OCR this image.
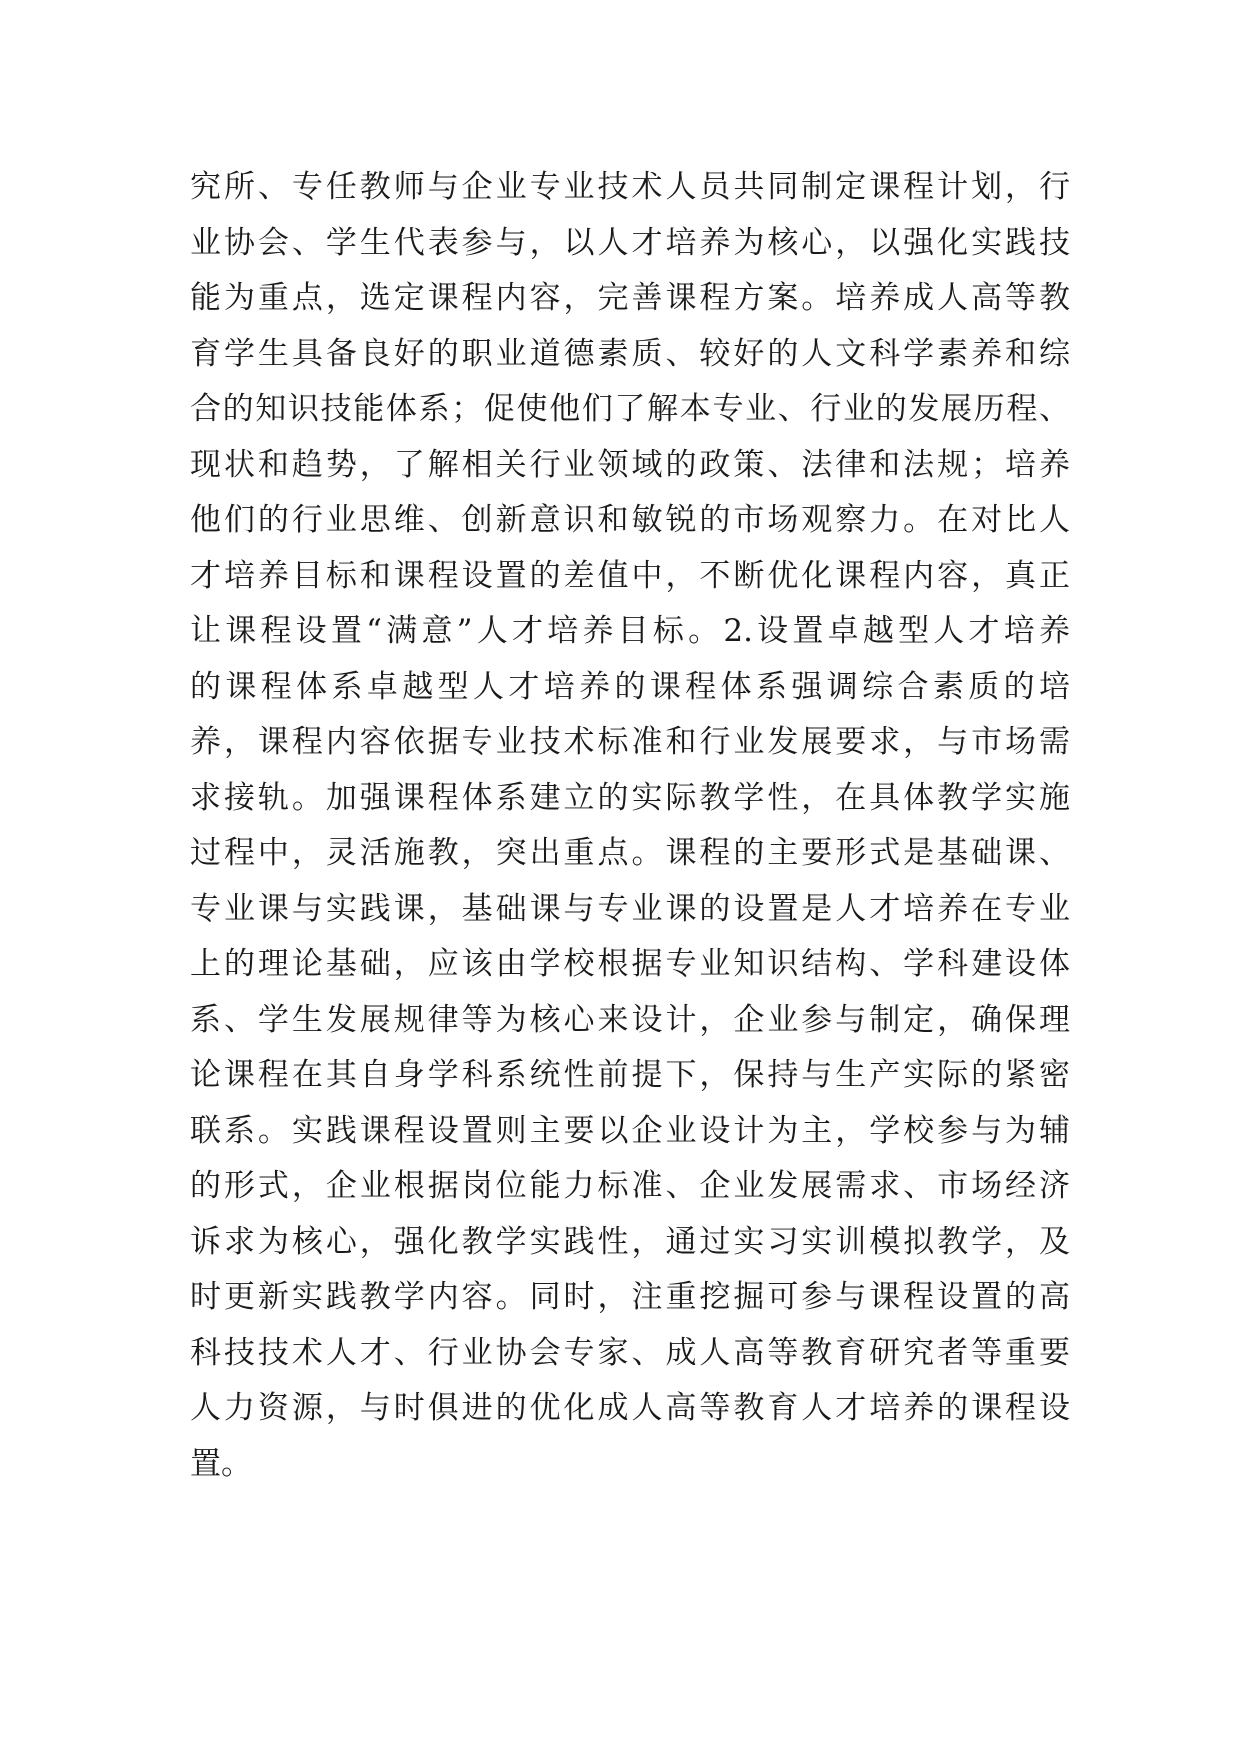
究所、专任教师与企业专业技术人员共同制定课程计划，行
业协会、学生代表参与，以人才培养为核心，以强化实践技
能为重点，选定课程内容，完善课程方案。培养成人高等教
育学生具备良好的职业道德素质、较好的人文科学素养和综
合的知识技能体系；促使他们了解本专业、行业的发展历程、
现状和趋势，了解相关行业领域的政策、法律和法规；培养
他们的行业思维、创新意识和敏锐的市场观察力。在对比人
才培养目标和课程设置的差值中，不断优化课程内容，真正
让课程设置“满意”人才培养目标。2.设置卓越型人才培养
的课程体系卓越型人才培养的课程体系强调综合素质的培
养，课程内容依据专业技术标准和行业发展要求，与市场需
求接轨。加强课程体系建立的实际教学性，在具体教学实施
过程中，灵活施教，突出重点。课程的主要形式是基础课、
专业课与实践课，基础课与专业课的设置是人才培养在专业
上的理论基础，应该由学校根据专业知识结构、学科建设体
系、学生发展规律等为核心来设计，企业参与制定，确保理
论课程在其自身学科系统性前提下，保持与生产实际的紧密
联系。实践课程设置则主要以企业设计为主，学校参与为辅
的形式，企业根据岗位能力标准、企业发展需求、市场经济
诉求为核心，强化教学实践性，通过实习实训模拟教学，及
时更新实践教学内容。同时，注重挖掘可参与课程设置的高
科技技术人才、行业协会专家、成人高等教育研究者等重要
人力资源，与时俱进的优化成人高等教育人才培养的课程设
置。
